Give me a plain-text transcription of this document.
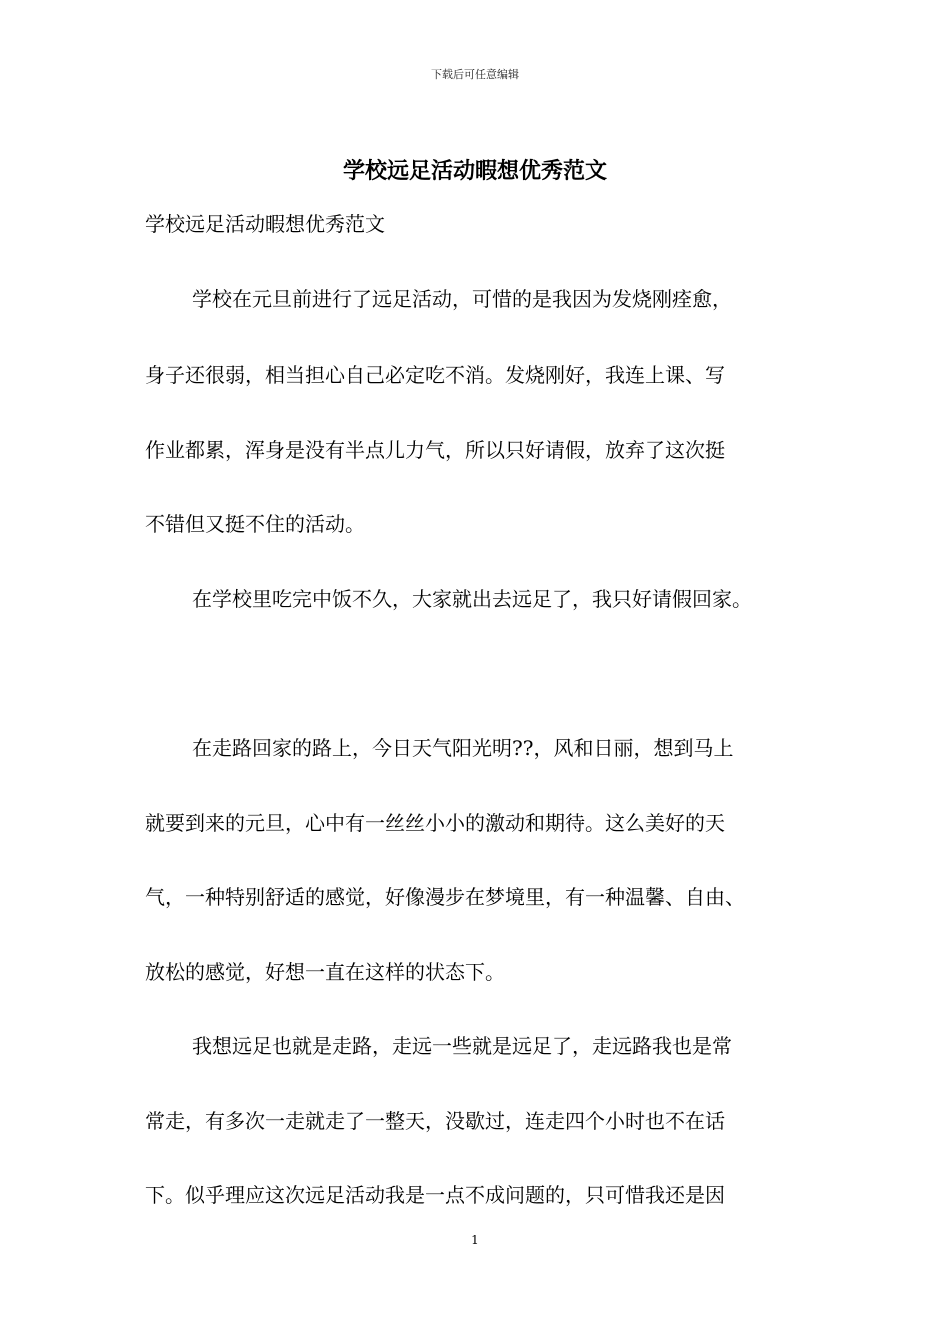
下载后可任意编辑
学校远足活动暇想优秀范文

学校远足活动暇想优秀范文

学校在元旦前进行了远足活动，可惜的是我因为发烧刚痊愈，

身子还很弱，相当担心自己必定吃不消。发烧刚好，我连上课、写

作业都累，浑身是没有半点儿力气，所以只好请假，放弃了这次挺

不错但又挺不住的活动。

在学校里吃完中饭不久，大家就出去远足了，我只好请假回家。

在走路回家的路上，今日天气阳光明??，风和日丽，想到马上

就要到来的元旦，心中有一丝丝小小的激动和期待。这么美好的天

气，一种特别舒适的感觉，好像漫步在梦境里，有一种温馨、自由、

放松的感觉，好想一直在这样的状态下。

我想远足也就是走路，走远一些就是远足了，走远路我也是常

常走，有多次一走就走了一整天，没歇过，连走四个小时也不在话

下。似乎理应这次远足活动我是一点不成问题的，只可惜我还是因

1
